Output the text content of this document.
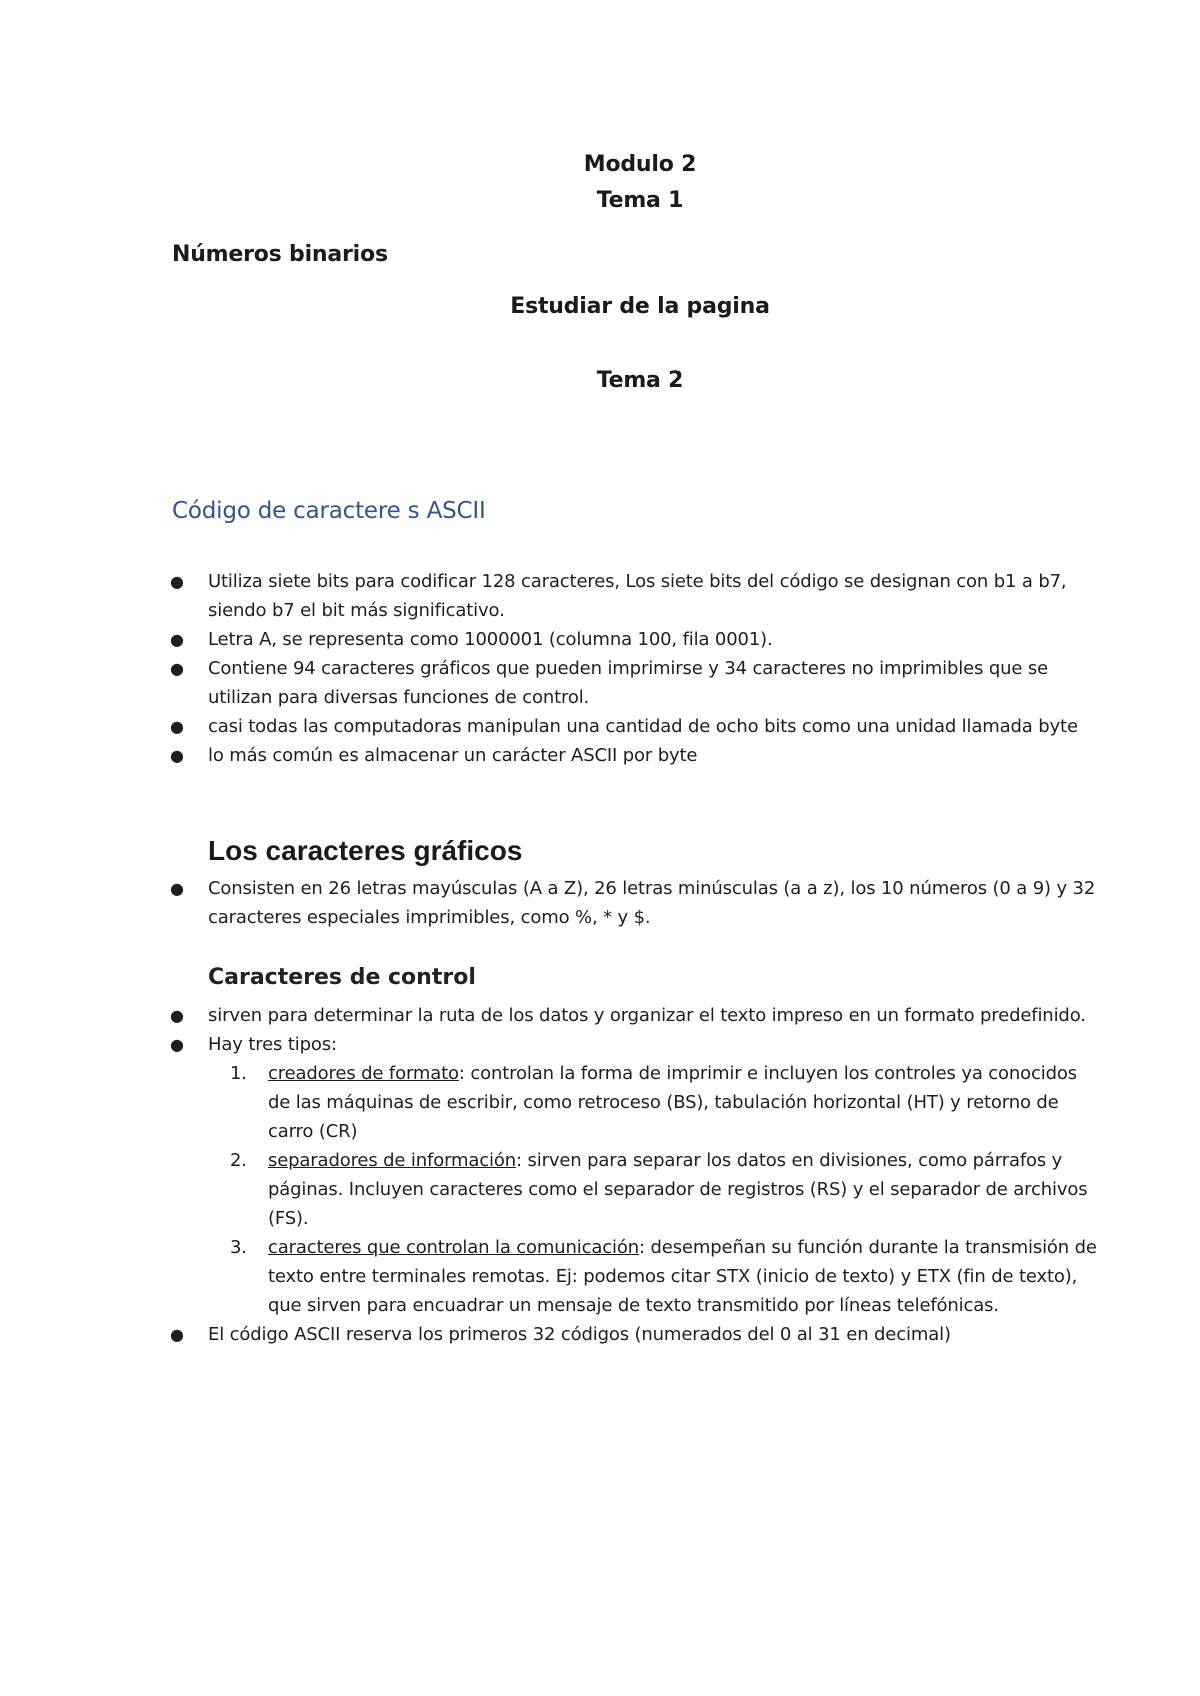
Modulo 2
Tema 1
Números binarios
Estudiar de la pagina
Tema 2
Código de caractere s ASCII
● Utiliza siete bits para codificar 128 caracteres, Los siete bits del código se designan con b1 a b7, siendo b7 el bit más significativo.
● Letra A, se representa como 1000001 (columna 100, fila 0001).
● Contiene 94 caracteres gráficos que pueden imprimirse y 34 caracteres no imprimibles que se utilizan para diversas funciones de control.
● casi todas las computadoras manipulan una cantidad de ocho bits como una unidad llamada byte
● lo más común es almacenar un carácter ASCII por byte
Los caracteres gráficos
● Consisten en 26 letras mayúsculas (A a Z), 26 letras minúsculas (a a z), los 10 números (0 a 9) y 32 caracteres especiales imprimibles, como %, * y $.
Caracteres de control
● sirven para determinar la ruta de los datos y organizar el texto impreso en un formato predefinido.
● Hay tres tipos:
1. creadores de formato: controlan la forma de imprimir e incluyen los controles ya conocidos de las máquinas de escribir, como retroceso (BS), tabulación horizontal (HT) y retorno de carro (CR)
2. separadores de información: sirven para separar los datos en divisiones, como párrafos y páginas. Incluyen caracteres como el separador de registros (RS) y el separador de archivos (FS).
3. caracteres que controlan la comunicación: desempeñan su función durante la transmisión de texto entre terminales remotas. Ej: podemos citar STX (inicio de texto) y ETX (fin de texto), que sirven para encuadrar un mensaje de texto transmitido por líneas telefónicas.
● El código ASCII reserva los primeros 32 códigos (numerados del 0 al 31 en decimal)
